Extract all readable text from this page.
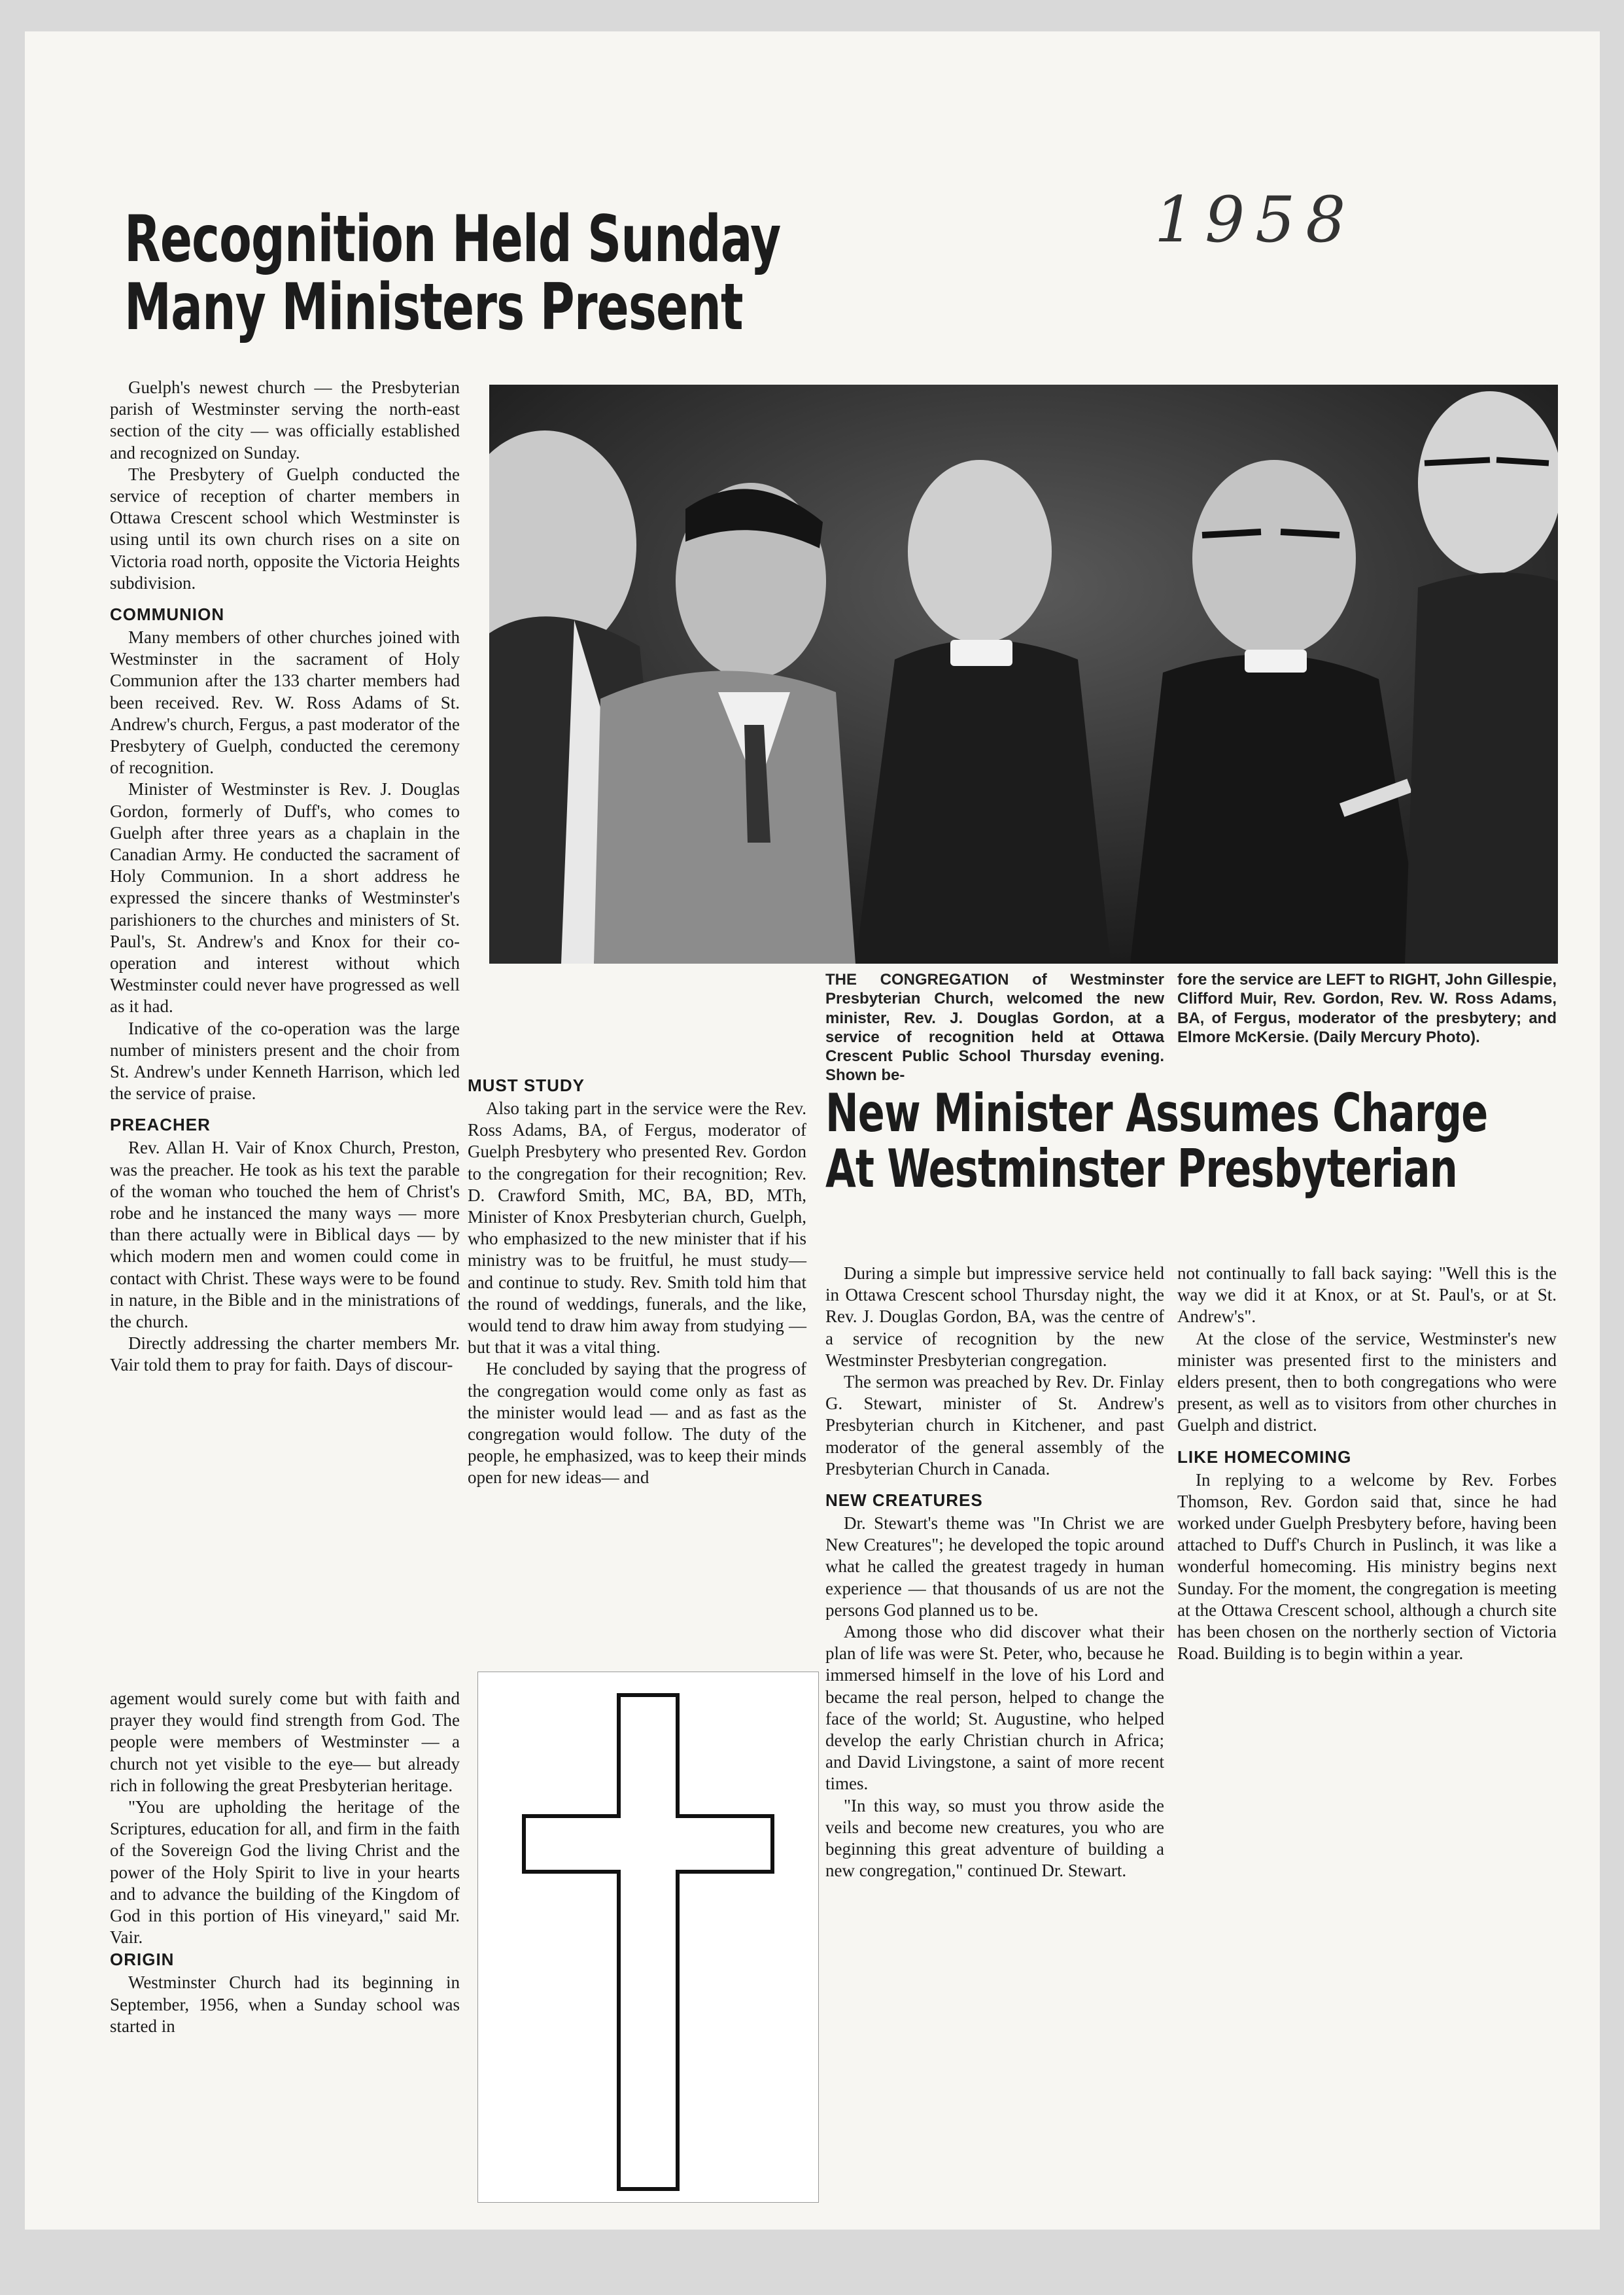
Recognition Held Sunday
Many Ministers Present
1958

Guelph's newest church — the Presbyterian parish of Westminster serving the north-east section of the city — was officially established and recognized on Sunday.

The Presbytery of Guelph conducted the service of reception of charter members in Ottawa Crescent school which Westminster is using until its own church rises on a site on Victoria road north, opposite the Victoria Heights subdivision.

COMMUNION

Many members of other churches joined with Westminster in the sacrament of Holy Communion after the 133 charter members had been received. Rev. W. Ross Adams of St. Andrew's church, Fergus, a past moderator of the Presbytery of Guelph, conducted the ceremony of recognition.

Minister of Westminster is Rev. J. Douglas Gordon, formerly of Duff's, who comes to Guelph after three years as a chaplain in the Canadian Army. He conducted the sacrament of Holy Communion. In a short address he expressed the sincere thanks of Westminster's parishioners to the churches and ministers of St. Paul's, St. Andrew's and Knox for their co-operation and interest without which Westminster could never have progressed as well as it had.

Indicative of the co-operation was the large number of ministers present and the choir from St. Andrew's under Kenneth Harrison, which led the service of praise.

PREACHER

Rev. Allan H. Vair of Knox Church, Preston, was the preacher. He took as his text the parable of the woman who touched the hem of Christ's robe and he instanced the many ways — more than there actually were in Biblical days — by which modern men and women could come in contact with Christ. These ways were to be found in nature, in the Bible and in the ministrations of the church.

Directly addressing the charter members Mr. Vair told them to pray for faith. Days of discour-

agement would surely come but with faith and prayer they would find strength from God. The people were members of Westminster — a church not yet visible to the eye— but already rich in following the great Presbyterian heritage.

"You are upholding the heritage of the Scriptures, education for all, and firm in the faith of the Sovereign God the living Christ and the power of the Holy Spirit to live in your hearts and to advance the building of the Kingdom of God in this portion of His vineyard," said Mr. Vair.

ORIGIN

Westminster Church had its beginning in September, 1956, when a Sunday school was started in

MUST STUDY

Also taking part in the service were the Rev. Ross Adams, BA, of Fergus, moderator of Guelph Presbytery who presented Rev. Gordon to the congregation for their recognition; Rev. D. Crawford Smith, MC, BA, BD, MTh, Minister of Knox Presbyterian church, Guelph, who emphasized to the new minister that if his ministry was to be fruitful, he must study— and continue to study. Rev. Smith told him that the round of weddings, funerals, and the like, would tend to draw him away from studying — but that it was a vital thing.

He concluded by saying that the progress of the congregation would come only as fast as the minister would lead — and as fast as the congregation would follow. The duty of the people, he emphasized, was to keep their minds open for new ideas— and

THE CONGREGATION of Westminster Presbyterian Church, welcomed the new minister, Rev. J. Douglas Gordon, at a service of recognition held at Ottawa Crescent Public School Thursday evening. Shown be-
fore the service are LEFT to RIGHT, John Gillespie, Clifford Muir, Rev. Gordon, Rev. W. Ross Adams, BA, of Fergus, moderator of the presbytery; and Elmore McKersie. (Daily Mercury Photo).
New Minister Assumes Charge
At Westminster Presbyterian

During a simple but impressive service held in Ottawa Crescent school Thursday night, the Rev. J. Douglas Gordon, BA, was the centre of a service of recognition by the new Westminster Presbyterian congregation.

The sermon was preached by Rev. Dr. Finlay G. Stewart, minister of St. Andrew's Presbyterian church in Kitchener, and past moderator of the general assembly of the Presbyterian Church in Canada.

NEW CREATURES

Dr. Stewart's theme was "In Christ we are New Creatures"; he developed the topic around what he called the greatest tragedy in human experience — that thousands of us are not the persons God planned us to be.

Among those who did discover what their plan of life was were St. Peter, who, because he immersed himself in the love of his Lord and became the real person, helped to change the face of the world; St. Augustine, who helped develop the early Christian church in Africa; and David Livingstone, a saint of more recent times.

"In this way, so must you throw aside the veils and become new creatures, you who are beginning this great adventure of building a new congregation," continued Dr. Stewart.

not continually to fall back saying: "Well this is the way we did it at Knox, or at St. Paul's, or at St. Andrew's".

At the close of the service, Westminster's new minister was presented first to the ministers and elders present, then to both congregations who were present, as well as to visitors from other churches in Guelph and district.

LIKE HOMECOMING

In replying to a welcome by Rev. Forbes Thomson, Rev. Gordon said that, since he had worked under Guelph Presbytery before, having been attached to Duff's Church in Puslinch, it was like a wonderful homecoming. His ministry begins next Sunday. For the moment, the congregation is meeting at the Ottawa Crescent school, although a church site has been chosen on the northerly section of Victoria Road. Building is to begin within a year.
